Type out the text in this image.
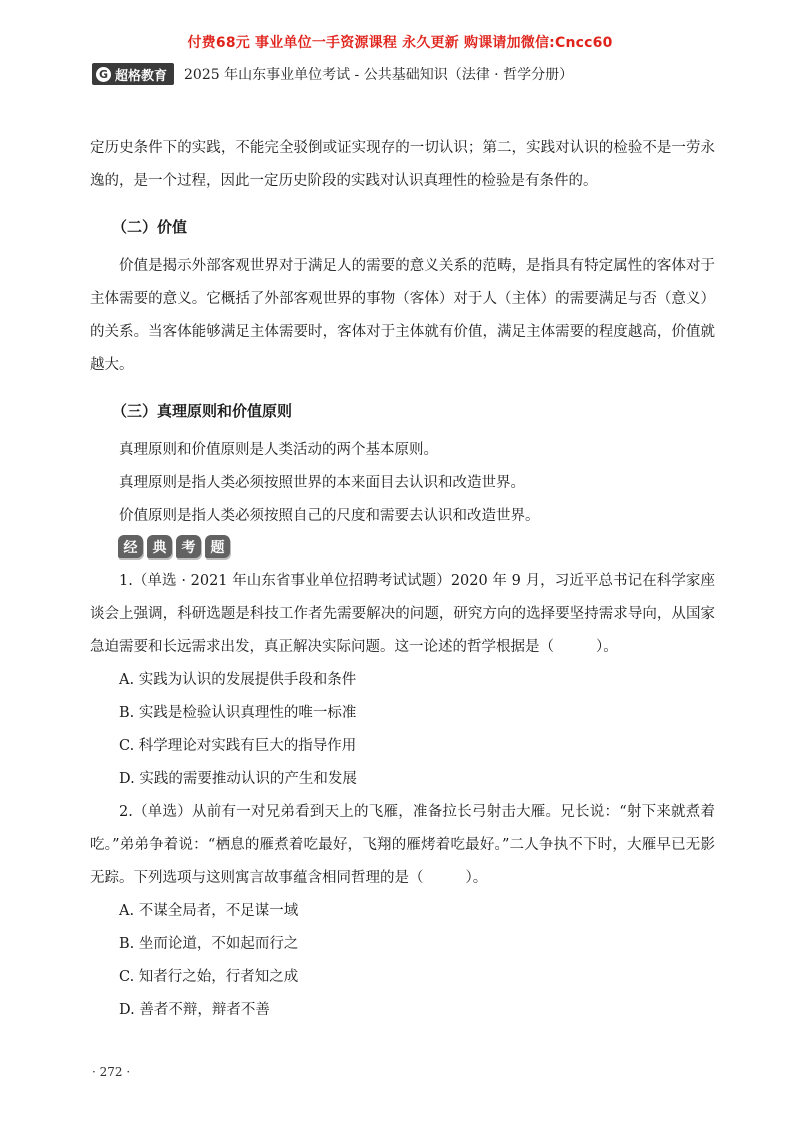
付费68元 事业单位一手资源课程 永久更新 购课请加微信:Cncc60
G 超格教育 2025 年山东事业单位考试 - 公共基础知识（法律 · 哲学分册）

定历史条件下的实践，不能完全驳倒或证实现存的一切认识；第二，实践对认识的检验不是一劳永逸的，是一个过程，因此一定历史阶段的实践对认识真理性的检验是有条件的。

（二）价值

价值是揭示外部客观世界对于满足人的需要的意义关系的范畴，是指具有特定属性的客体对于主体需要的意义。它概括了外部客观世界的事物（客体）对于人（主体）的需要满足与否（意义）的关系。当客体能够满足主体需要时，客体对于主体就有价值，满足主体需要的程度越高，价值就越大。

（三）真理原则和价值原则

真理原则和价值原则是人类活动的两个基本原则。

真理原则是指人类必须按照世界的本来面目去认识和改造世界。

价值原则是指人类必须按照自己的尺度和需要去认识和改造世界。

经	典	考	题

1.（单选 · 2021 年山东省事业单位招聘考试试题）2020 年 9 月，习近平总书记在科学家座谈会上强调，科研选题是科技工作者先需要解决的问题，研究方向的选择要坚持需求导向，从国家急迫需要和长远需求出发，真正解决实际问题。这一论述的哲学根据是（	）。

A. 实践为认识的发展提供手段和条件

B. 实践是检验认识真理性的唯一标准

C. 科学理论对实践有巨大的指导作用

D. 实践的需要推动认识的产生和发展

2.（单选）从前有一对兄弟看到天上的飞雁，准备拉长弓射击大雁。兄长说：“射下来就煮着吃。”弟弟争着说：“栖息的雁煮着吃最好，飞翔的雁烤着吃最好。”二人争执不下时，大雁早已无影无踪。下列选项与这则寓言故事蕴含相同哲理的是（	）。

A. 不谋全局者，不足谋一域

B. 坐而论道，不如起而行之

C. 知者行之始，行者知之成

D. 善者不辩，辩者不善

· 272 ·
